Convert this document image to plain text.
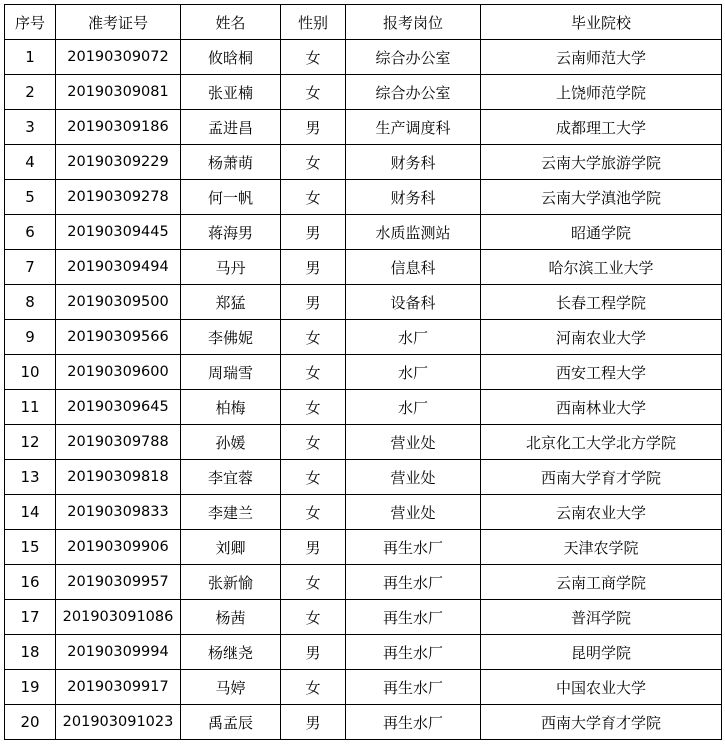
序号	准考证号	姓名	性别	报考岗位	毕业院校
1	20190309072	攸晗桐	女	综合办公室	云南师范大学
2	20190309081	张亚楠	女	综合办公室	上饶师范学院
3	20190309186	孟进昌	男	生产调度科	成都理工大学
4	20190309229	杨萧萌	女	财务科	云南大学旅游学院
5	20190309278	何一帆	女	财务科	云南大学滇池学院
6	20190309445	蒋海男	男	水质监测站	昭通学院
7	20190309494	马丹	男	信息科	哈尔滨工业大学
8	20190309500	郑猛	男	设备科	长春工程学院
9	20190309566	李佛妮	女	水厂	河南农业大学
10	20190309600	周瑞雪	女	水厂	西安工程大学
11	20190309645	柏梅	女	水厂	西南林业大学
12	20190309788	孙媛	女	营业处	北京化工大学北方学院
13	20190309818	李宜蓉	女	营业处	西南大学育才学院
14	20190309833	李建兰	女	营业处	云南农业大学
15	20190309906	刘卿	男	再生水厂	天津农学院
16	20190309957	张新愉	女	再生水厂	云南工商学院
17	201903091086	杨茜	女	再生水厂	普洱学院
18	20190309994	杨继尧	男	再生水厂	昆明学院
19	20190309917	马婷	女	再生水厂	中国农业大学
20	201903091023	禹孟辰	男	再生水厂	西南大学育才学院
